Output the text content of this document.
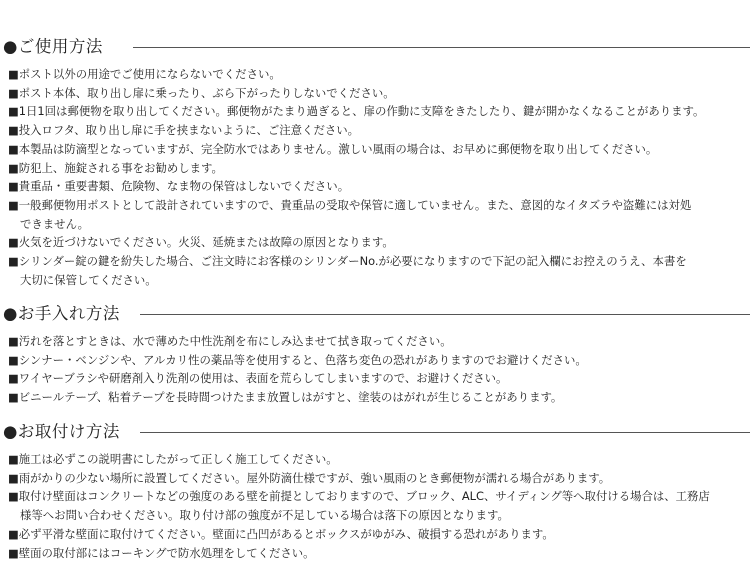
●ご使用方法
■ポスト以外の用途でご使用にならないでください。
■ポスト本体、取り出し扉に乗ったり、ぶら下がったりしないでください。
■1日1回は郵便物を取り出してください。郵便物がたまり過ぎると、扉の作動に支障をきたしたり、鍵が開かなくなることがあります。
■投入ロフタ、取り出し扉に手を挟まないように、ご注意ください。
■本製品は防滴型となっていますが、完全防水ではありません。激しい風雨の場合は、お早めに郵便物を取り出してください。
■防犯上、施錠される事をお勧めします。
■貴重品・重要書類、危険物、なま物の保管はしないでください。
■一般郵便物用ポストとして設計されていますので、貴重品の受取や保管に適していません。また、意図的なイタズラや盗難には対処
できません。
■火気を近づけないでください。火災、延焼または故障の原因となります。
■シリンダー錠の鍵を紛失した場合、ご注文時にお客様のシリンダーNo.が必要になりますので下記の記入欄にお控えのうえ、本書を
大切に保管してください。
●お手入れ方法
■汚れを落とすときは、水で薄めた中性洗剤を布にしみ込ませて拭き取ってください。
■シンナー・ベンジンや、アルカリ性の薬品等を使用すると、色落ち変色の恐れがありますのでお避けください。
■ワイヤーブラシや研磨剤入り洗剤の使用は、表面を荒らしてしまいますので、お避けください。
■ビニールテープ、粘着テープを長時間つけたまま放置しはがすと、塗装のはがれが生じることがあります。
●お取付け方法
■施工は必ずこの説明書にしたがって正しく施工してください。
■雨がかりの少ない場所に設置してください。屋外防滴仕様ですが、強い風雨のとき郵便物が濡れる場合があります。
■取付け壁面はコンクリートなどの強度のある壁を前提としておりますので、ブロック、ALC、サイディング等へ取付ける場合は、工務店
様等へお問い合わせください。取り付け部の強度が不足している場合は落下の原因となります。
■必ず平滑な壁面に取付けてください。壁面に凸凹があるとボックスがゆがみ、破損する恐れがあります。
■壁面の取付部にはコーキングで防水処理をしてください。
